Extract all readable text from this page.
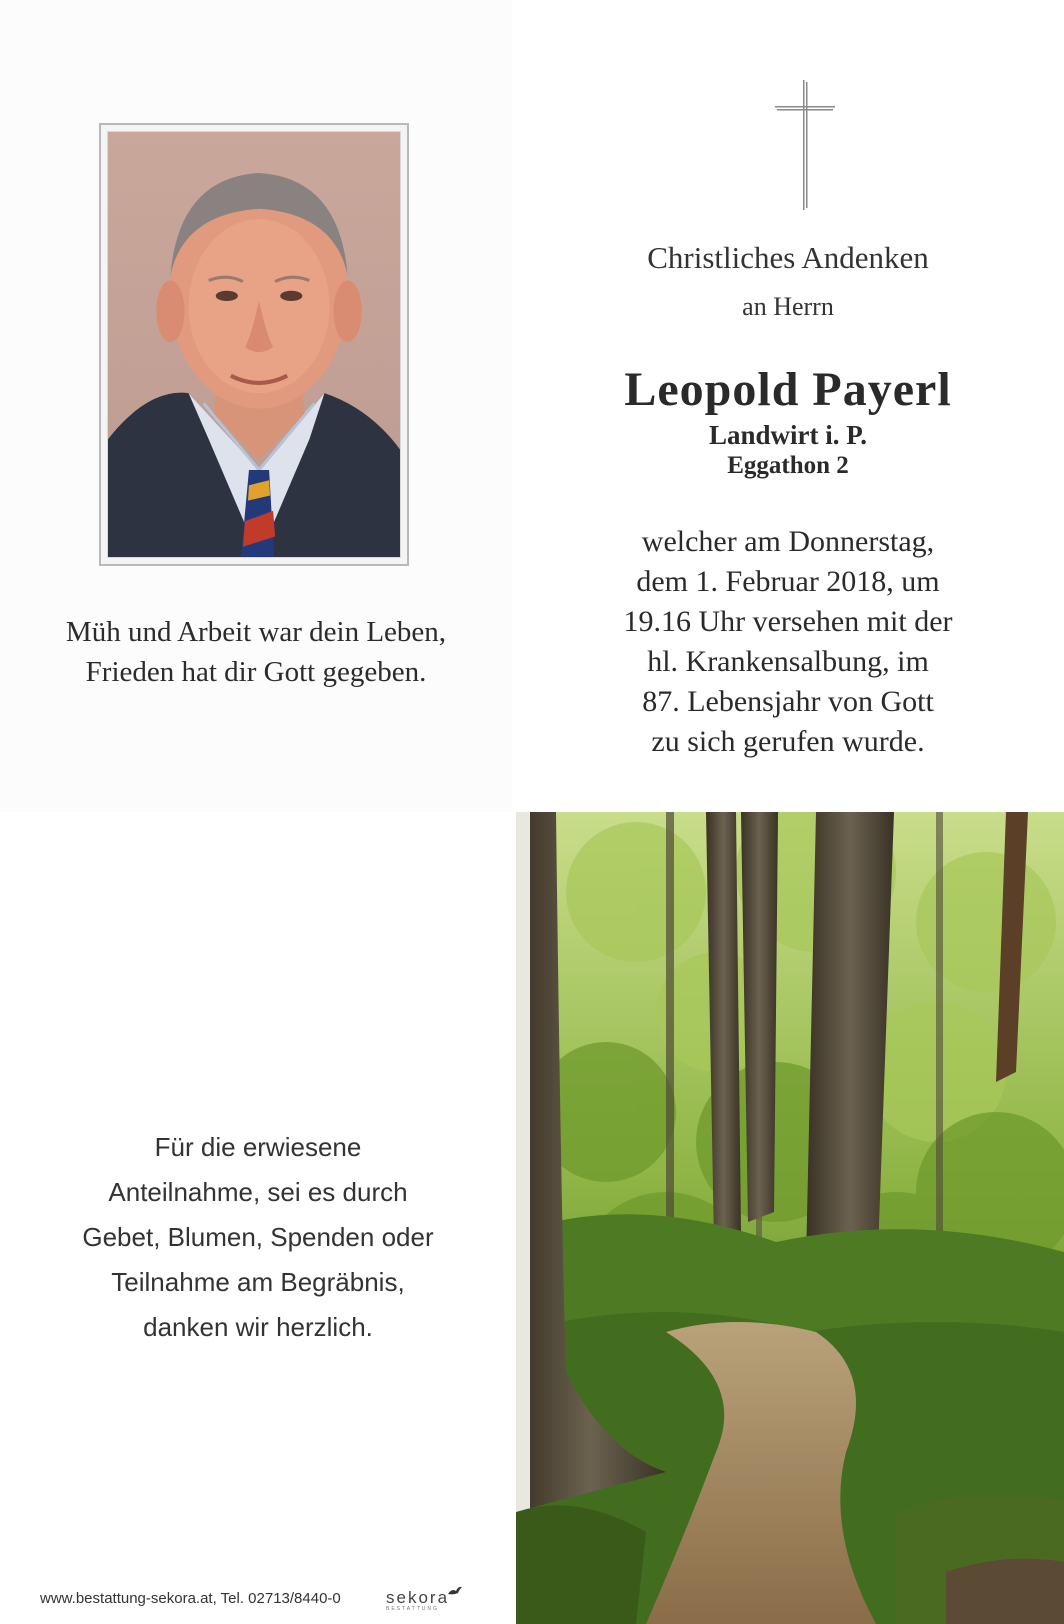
Müh und Arbeit war dein Leben,
Frieden hat dir Gott gegeben.
Christliches Andenken
an Herrn
Leopold Payerl
Landwirt i. P.
Eggathon 2
welcher am Donnerstag,
dem 1. Februar 2018, um
19.16 Uhr versehen mit der
hl. Krankensalbung, im
87. Lebensjahr von Gott
zu sich gerufen wurde.
Für die erwiesene
Anteilnahme, sei es durch
Gebet, Blumen, Spenden oder
Teilnahme am Begräbnis,
danken wir herzlich.
www.bestattung-sekora.at, Tel. 02713/8440-0	sekora
BESTATTUNG
